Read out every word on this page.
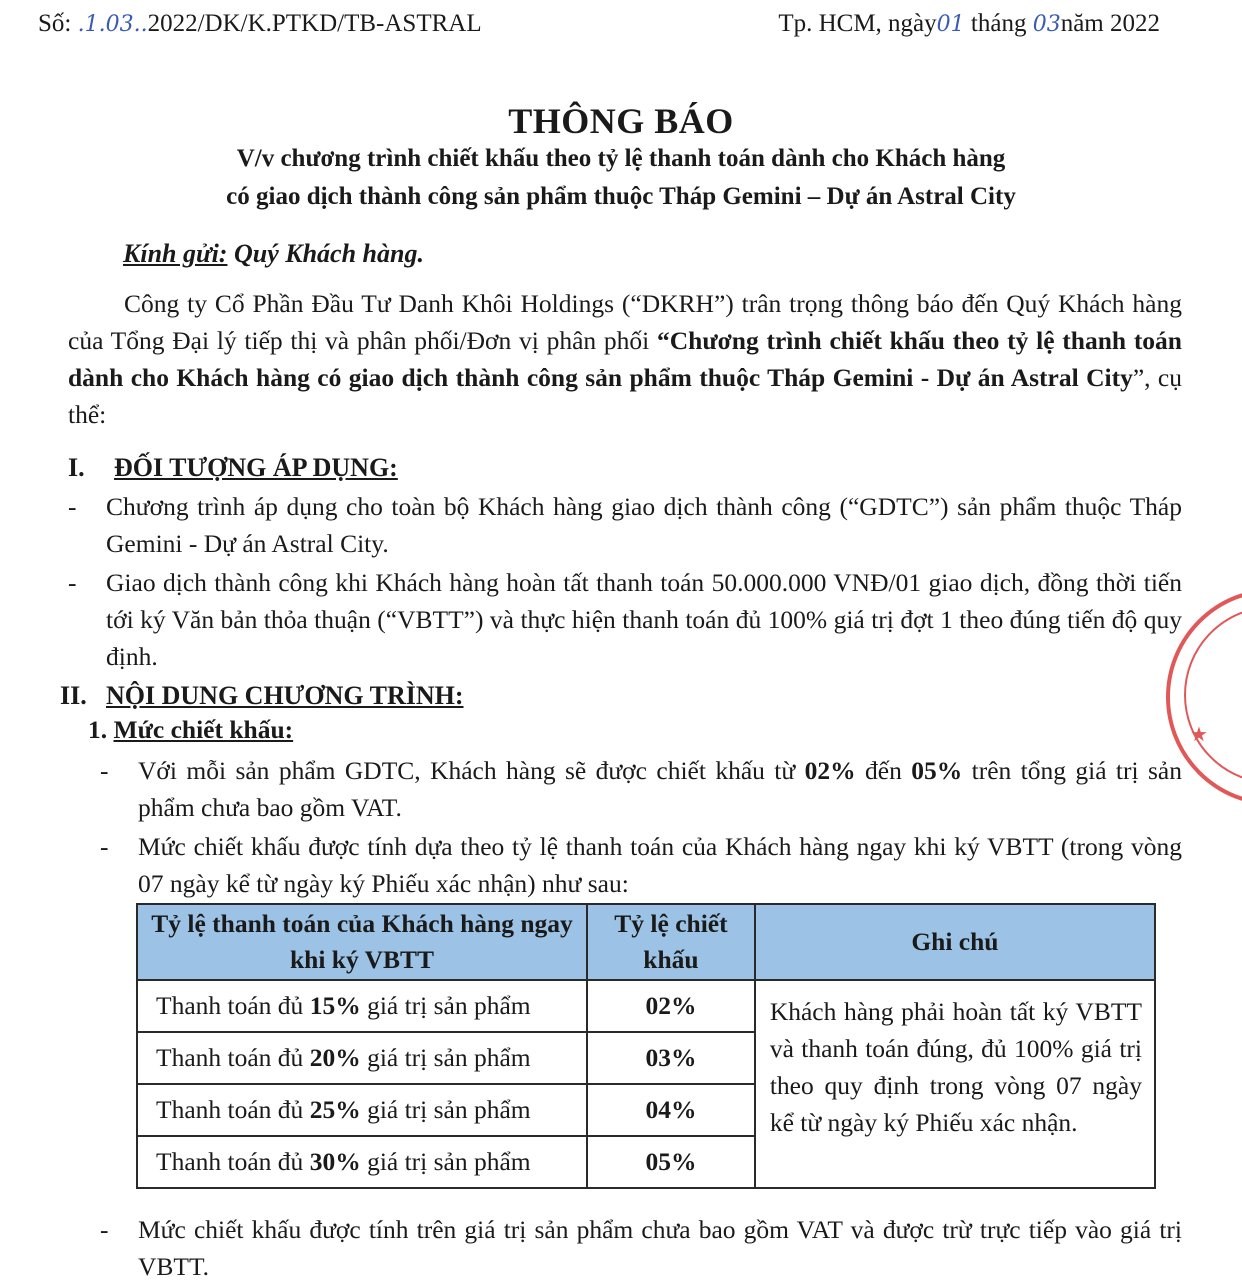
Số: .1.03..2022/DK/K.PTKD/TB-ASTRAL	Tp. HCM, ngày01 tháng 03năm 2022
THÔNG BÁO
V/v chương trình chiết khấu theo tỷ lệ thanh toán dành cho Khách hàng
có giao dịch thành công sản phẩm thuộc Tháp Gemini – Dự án Astral City
Kính gửi: Quý Khách hàng.
Công ty Cổ Phần Đầu Tư Danh Khôi Holdings (“DKRH”) trân trọng thông báo đến Quý Khách hàng của Tổng Đại lý tiếp thị và phân phối/Đơn vị phân phối “Chương trình chiết khấu theo tỷ lệ thanh toán dành cho Khách hàng có giao dịch thành công sản phẩm thuộc Tháp Gemini - Dự án Astral City”, cụ thể:
I. ĐỐI TƯỢNG ÁP DỤNG:
- Chương trình áp dụng cho toàn bộ Khách hàng giao dịch thành công (“GDTC”) sản phẩm thuộc Tháp Gemini - Dự án Astral City.
- Giao dịch thành công khi Khách hàng hoàn tất thanh toán 50.000.000 VNĐ/01 giao dịch, đồng thời tiến tới ký Văn bản thỏa thuận (“VBTT”) và thực hiện thanh toán đủ 100% giá trị đợt 1 theo đúng tiến độ quy định.
★
II. NỘI DUNG CHƯƠNG TRÌNH:
1. Mức chiết khấu:
- Với mỗi sản phẩm GDTC, Khách hàng sẽ được chiết khấu từ 02% đến 05% trên tổng giá trị sản phẩm chưa bao gồm VAT.
- Mức chiết khấu được tính dựa theo tỷ lệ thanh toán của Khách hàng ngay khi ký VBTT (trong vòng 07 ngày kể từ ngày ký Phiếu xác nhận) như sau:
Tỷ lệ thanh toán của Khách hàng ngay khi ký VBTT	Tỷ lệ chiết khấu	Ghi chú
Thanh toán đủ 15% giá trị sản phẩm	02%	Khách hàng phải hoàn tất ký VBTT và thanh toán đúng, đủ 100% giá trị theo quy định trong vòng 07 ngày kể từ ngày ký Phiếu xác nhận.
Thanh toán đủ 20% giá trị sản phẩm	03%	
Thanh toán đủ 25% giá trị sản phẩm	04%	
Thanh toán đủ 30% giá trị sản phẩm	05%	
- Mức chiết khấu được tính trên giá trị sản phẩm chưa bao gồm VAT và được trừ trực tiếp vào giá trị VBTT.
